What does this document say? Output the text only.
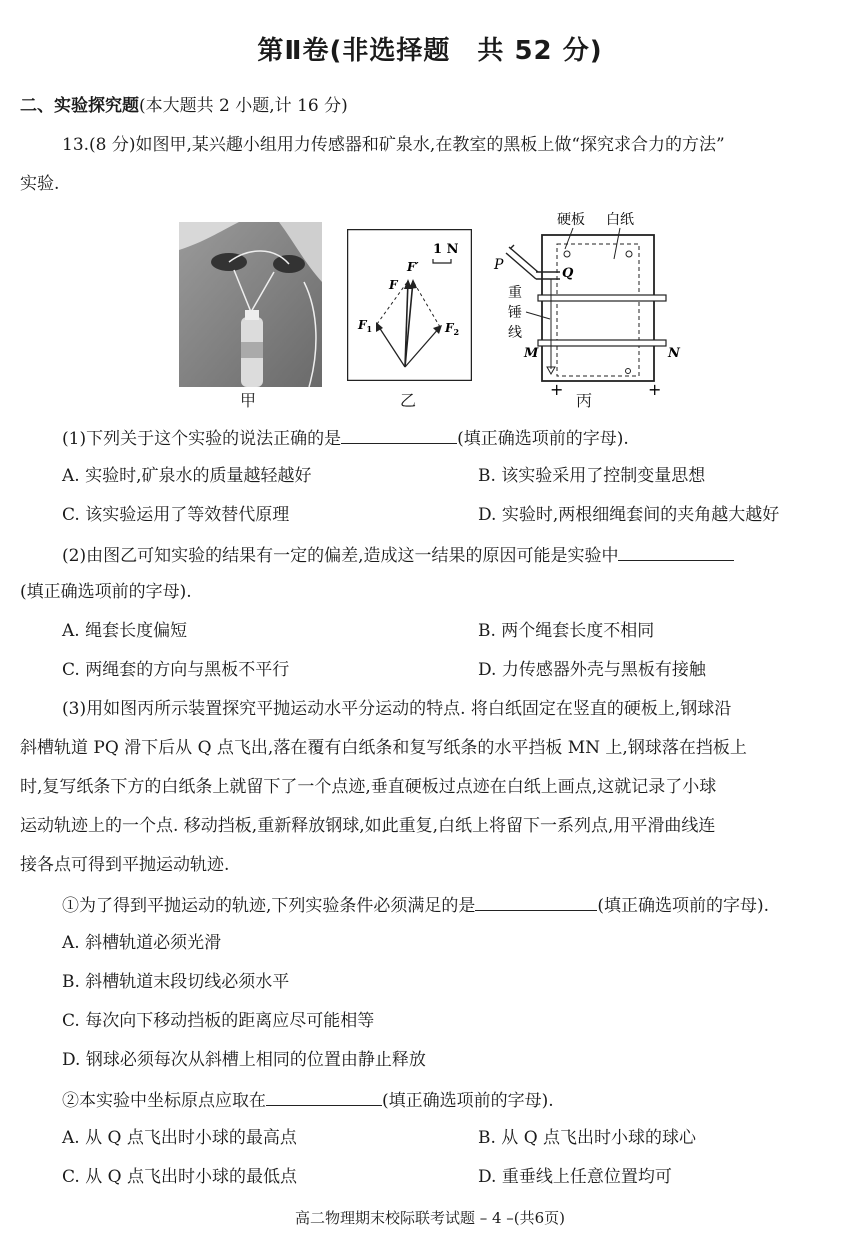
第Ⅱ卷(非选择题　共 52 分)
二、实验探究题(本大题共 2 小题,计 16 分)
13.(8 分)如图甲,某兴趣小组用力传感器和矿泉水,在教室的黑板上做“探究求合力的方法”
实验.
甲
1 N
F
F′
$F_1$	$F_2$
乙
硬板 白纸
P
Q
重
锤
线
M	N
+	+
丙
(1)下列关于这个实验的说法正确的是	(填正确选项前的字母).
A. 实验时,矿泉水的质量越轻越好	B. 该实验采用了控制变量思想
C. 该实验运用了等效替代原理	D. 实验时,两根细绳套间的夹角越大越好
(2)由图乙可知实验的结果有一定的偏差,造成这一结果的原因可能是实验中
(填正确选项前的字母).
A. 绳套长度偏短	B. 两个绳套长度不相同
C. 两绳套的方向与黑板不平行	D. 力传感器外壳与黑板有接触
(3)用如图丙所示装置探究平抛运动水平分运动的特点. 将白纸固定在竖直的硬板上,钢球沿
斜槽轨道 PQ 滑下后从 Q 点飞出,落在覆有白纸条和复写纸条的水平挡板 MN 上,钢球落在挡板上
时,复写纸条下方的白纸条上就留下了一个点迹,垂直硬板过点迹在白纸上画点,这就记录了小球
运动轨迹上的一个点. 移动挡板,重新释放钢球,如此重复,白纸上将留下一系列点,用平滑曲线连
接各点可得到平抛运动轨迹.
①为了得到平抛运动的轨迹,下列实验条件必须满足的是	(填正确选项前的字母).
A. 斜槽轨道必须光滑
B. 斜槽轨道末段切线必须水平
C. 每次向下移动挡板的距离应尽可能相等
D. 钢球必须每次从斜槽上相同的位置由静止释放
②本实验中坐标原点应取在	(填正确选项前的字母).
A. 从 Q 点飞出时小球的最高点	B. 从 Q 点飞出时小球的球心
C. 从 Q 点飞出时小球的最低点	D. 重垂线上任意位置均可
高二物理期末校际联考试题 – 4 –(共6页)
